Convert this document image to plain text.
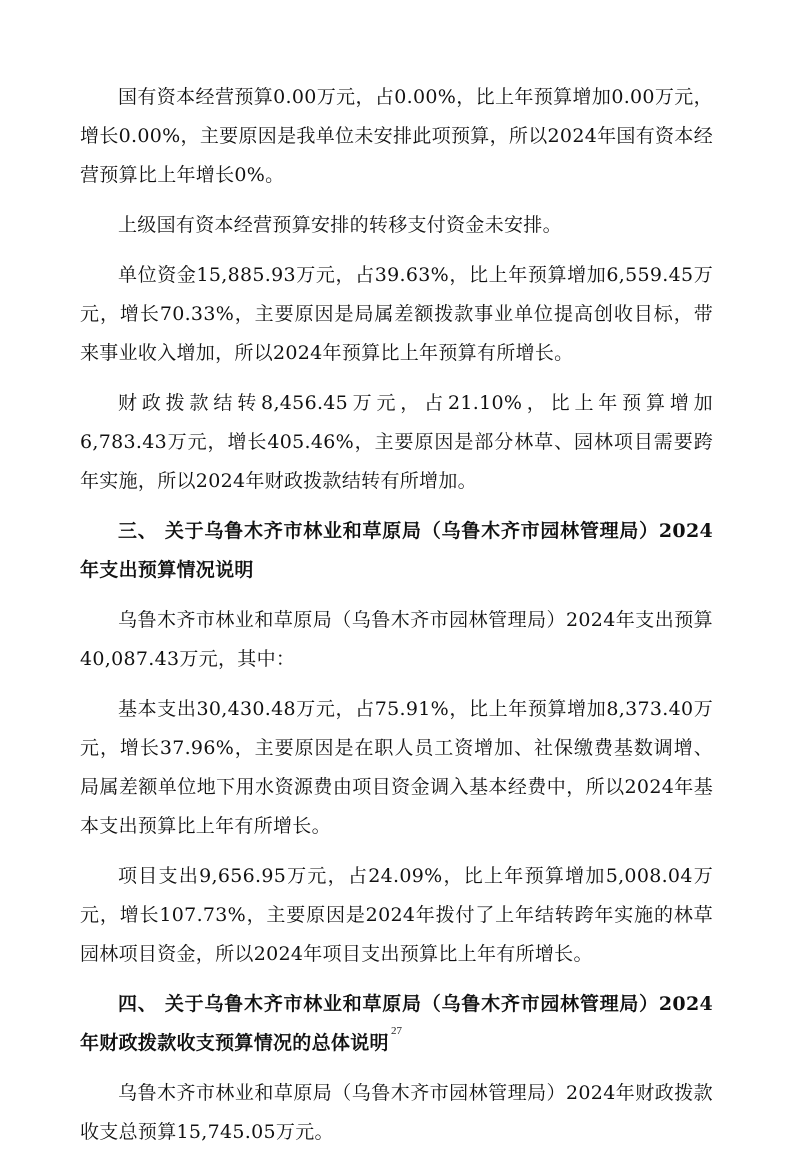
国有资本经营预算0.00万元，占0.00%，比上年预算增加0.00万元，增长0.00%，主要原因是我单位未安排此项预算，所以2024年国有资本经营预算比上年增长0%。

上级国有资本经营预算安排的转移支付资金未安排。

单位资金15,885.93万元，占39.63%，比上年预算增加6,559.45万元，增长70.33%，主要原因是局属差额拨款事业单位提高创收目标，带来事业收入增加，所以2024年预算比上年预算有所增长。

财政拨款结转8,456.45万元，占21.10%，比上年预算增加6,783.43万元，增长405.46%，主要原因是部分林草、园林项目需要跨年实施，所以2024年财政拨款结转有所增加。

三、 关于乌鲁木齐市林业和草原局（乌鲁木齐市园林管理局）2024年支出预算情况说明

乌鲁木齐市林业和草原局（乌鲁木齐市园林管理局）2024年支出预算40,087.43万元，其中：

基本支出30,430.48万元，占75.91%，比上年预算增加8,373.40万元，增长37.96%，主要原因是在职人员工资增加、社保缴费基数调增、局属差额单位地下用水资源费由项目资金调入基本经费中，所以2024年基本支出预算比上年有所增长。

项目支出9,656.95万元，占24.09%，比上年预算增加5,008.04万元，增长107.73%，主要原因是2024年拨付了上年结转跨年实施的林草园林项目资金，所以2024年项目支出预算比上年有所增长。

四、 关于乌鲁木齐市林业和草原局（乌鲁木齐市园林管理局）2024年财政拨款收支预算情况的总体说明

乌鲁木齐市林业和草原局（乌鲁木齐市园林管理局）2024年财政拨款收支总预算15,745.05万元。

27
